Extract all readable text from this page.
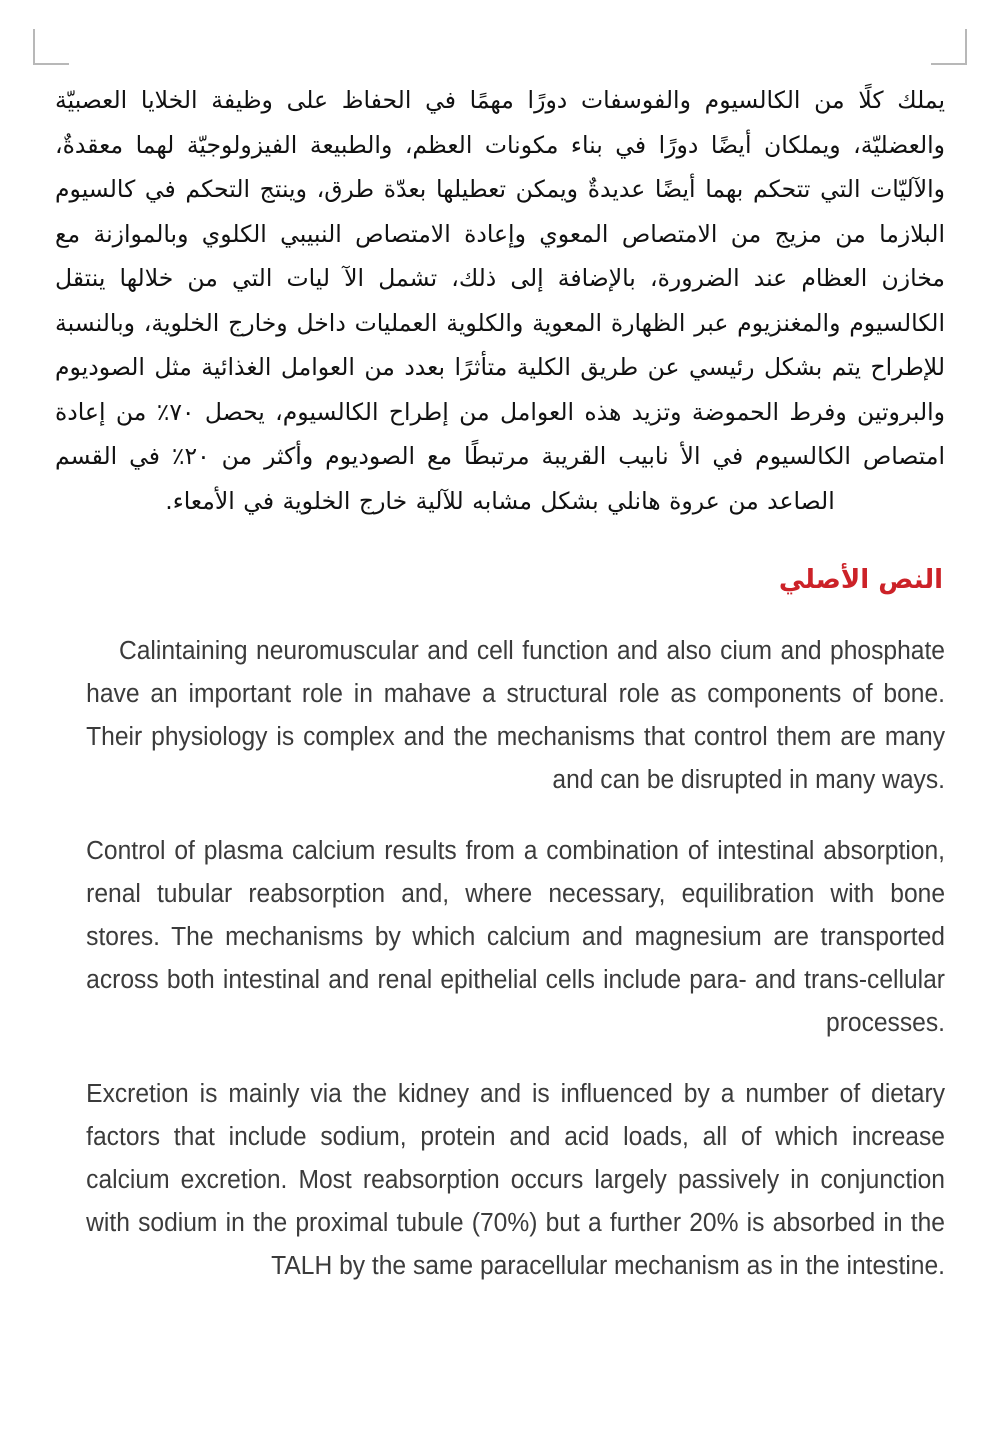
يملك كلًا من الكالسيوم والفوسفات دورًا مهمًا في الحفاظ على وظيفة الخلايا العصبيّة والعضليّة، ويملكان أيضًا دورًا في بناء مكونات العظم، والطبيعة الفيزولوجيّة لهما معقدةٌ، والآليّات التي تتحكم بهما أيضًا عديدةٌ ويمكن تعطيلها بعدّة طرق، وينتج التحكم في كالسيوم البلازما من مزيج من الامتصاص المعوي وإعادة الامتصاص النبيبي الكلوي وبالموازنة مع مخازن العظام عند الضرورة، بالإضافة إلى ذلك، تشمل الآ ليات التي من خلالها ينتقل الكالسيوم والمغنزيوم عبر الظهارة المعوية والكلوية العمليات داخل وخارج الخلوية، وبالنسبة للإطراح يتم بشكل رئيسي عن طريق الكلية متأثرًا بعدد من العوامل الغذائية مثل الصوديوم والبروتين وفرط الحموضة وتزيد هذه العوامل من إطراح الكالسيوم، يحصل ٧٠٪ من إعادة امتصاص الكالسيوم في الأ نابيب القريبة مرتبطًا مع الصوديوم وأكثر من ٢٠٪ في القسم الصاعد من عروة هانلي بشكل مشابه للآلية خارج الخلوية في الأمعاء.

النص الأصلي

Calintaining neuromuscular and cell function and also cium and phosphate have an important role in mahave a structural role as components of bone. Their physiology is complex and the mechanisms that control them are many and can be disrupted in many ways.

Control of plasma calcium results from a combination of intestinal absorption, renal tubular reabsorption and, where necessary, equilibration with bone stores. The mechanisms by which calcium and magnesium are transported across both intestinal and renal epithelial cells include para- and trans-cellular processes.

Excretion is mainly via the kidney and is influenced by a number of dietary factors that include sodium, protein and acid loads, all of which increase calcium excretion. Most reabsorption occurs largely passively in conjunction with sodium in the proximal tubule (70%) but a further 20% is absorbed in the TALH by the same paracellular mechanism as in the intestine.
